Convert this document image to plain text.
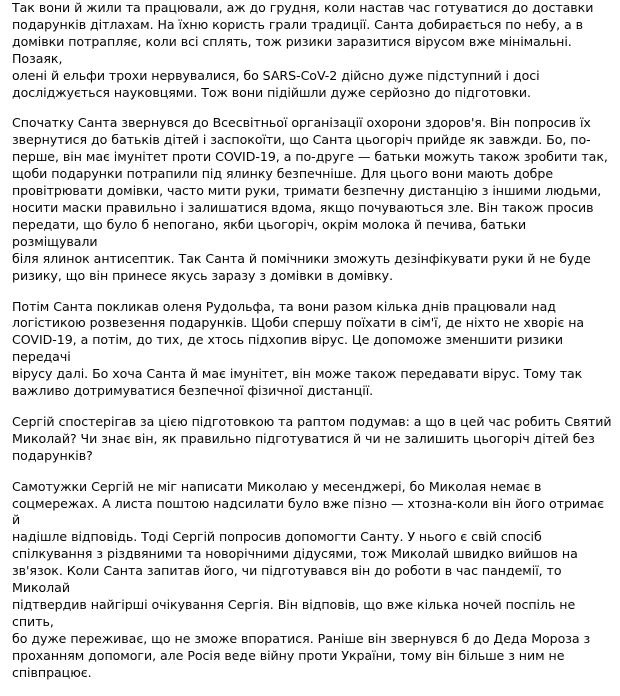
Так вони й жили та працювали, аж до грудня, коли настав час готуватися до доставки
подарунків дітлахам. На їхню користь грали традиції. Санта добирається по небу, а в
домівки потрапляє, коли всі сплять, тож ризики заразитися вірусом вже мінімальні. Позаяк,
олені й ельфи трохи нервувалися, бо SARS-CoV-2 дійсно дуже підступний і досі
досліджується науковцями. Тож вони підійшли дуже серйозно до підготовки.

Спочатку Санта звернувся до Всесвітньої організації охорони здоров'я. Він попросив їх
звернутися до батьків дітей і заспокоїти, що Санта цьогоріч прийде як завжди. Бо, по-
перше, він має імунітет проти COVID-19, а по-друге — батьки можуть також зробити так,
щоби подарунки потрапили під ялинку безпечніше. Для цього вони мають добре
провітрювати домівки, часто мити руки, тримати безпечну дистанцію з іншими людьми,
носити маски правильно і залишатися вдома, якщо почуваються зле. Він також просив
передати, що було б непогано, якби цьогоріч, окрім молока й печива, батьки розміщували
біля ялинок антисептик. Так Санта й помічники зможуть дезінфікувати руки й не буде
ризику, що він принесе якусь заразу з домівки в домівку.

Потім Санта покликав оленя Рудольфа, та вони разом кілька днів працювали над
логістикою розвезення подарунків. Щоби спершу поїхати в сім'ї, де ніхто не хворіє на
COVID-19, а потім, до тих, де хтось підхопив вірус. Це допоможе зменшити ризики передачі
вірусу далі. Бо хоча Санта й має імунітет, він може також передавати вірус. Тому так
важливо дотримуватися безпечної фізичної дистанції.

Сергій спостерігав за цією підготовкою та раптом подумав: а що в цей час робить Святий
Миколай? Чи знає він, як правильно підготуватися й чи не залишить цьогоріч дітей без
подарунків?

Самотужки Сергій не міг написати Миколаю у месенджері, бо Миколая немає в
соцмережах. А листа поштою надсилати було вже пізно — хтозна-коли він його отримає й
надішле відповідь. Тоді Сергій попросив допомогти Санту. У нього є свій спосіб
спілкування з різдвяними та новорічними дідусями, тож Миколай швидко вийшов на
зв'язок. Коли Санта запитав його, чи підготувався він до роботи в час пандемії, то Миколай
підтвердив найгірші очікування Сергія. Він відповів, що вже кілька ночей поспіль не спить,
бо дуже переживає, що не зможе впоратися. Раніше він звернувся б до Деда Мороза з
проханням допомоги, але Росія веде війну проти України, тому він більше з ним не
співпрацює.
